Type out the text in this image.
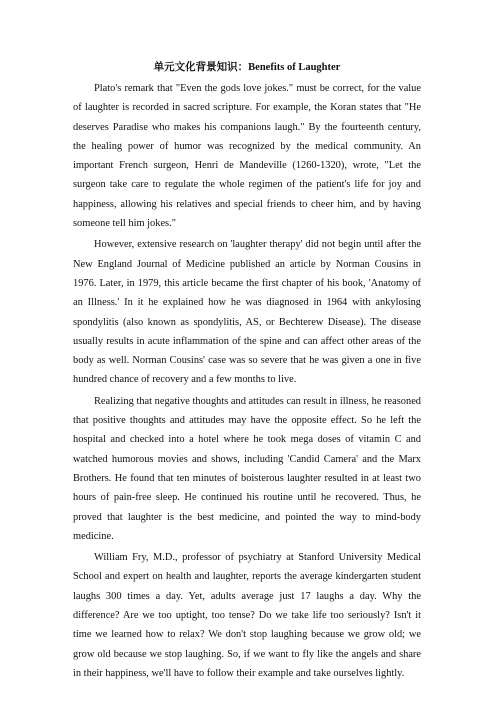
单元文化背景知识：Benefits of Laughter

Plato's remark that "Even the gods love jokes." must be correct, for the value of laughter is recorded in sacred scripture. For example, the Koran states that "He deserves Paradise who makes his companions laugh." By the fourteenth century, the healing power of humor was recognized by the medical community. An important French surgeon, Henri de Mandeville (1260-1320), wrote, "Let the surgeon take care to regulate the whole regimen of the patient's life for joy and happiness, allowing his relatives and special friends to cheer him, and by having someone tell him jokes."

However, extensive research on 'laughter therapy' did not begin until after the New England Journal of Medicine published an article by Norman Cousins in 1976. Later, in 1979, this article became the first chapter of his book, 'Anatomy of an Illness.' In it he explained how he was diagnosed in 1964 with ankylosing spondylitis (also known as spondylitis, AS, or Bechterew Disease). The disease usually results in acute inflammation of the spine and can affect other areas of the body as well. Norman Cousins' case was so severe that he was given a one in five hundred chance of recovery and a few months to live.

Realizing that negative thoughts and attitudes can result in illness, he reasoned that positive thoughts and attitudes may have the opposite effect. So he left the hospital and checked into a hotel where he took mega doses of vitamin C and watched humorous movies and shows, including 'Candid Camera' and the Marx Brothers. He found that ten minutes of boisterous laughter resulted in at least two hours of pain-free sleep. He continued his routine until he recovered. Thus, he proved that laughter is the best medicine, and pointed the way to mind-body medicine.

William Fry, M.D., professor of psychiatry at Stanford University Medical School and expert on health and laughter, reports the average kindergarten student laughs 300 times a day. Yet, adults average just 17 laughs a day. Why the difference? Are we too uptight, too tense? Do we take life too seriously? Isn't it time we learned how to relax? We don't stop laughing because we grow old; we grow old because we stop laughing. So, if we want to fly like the angels and share in their happiness, we'll have to follow their example and take ourselves lightly.
